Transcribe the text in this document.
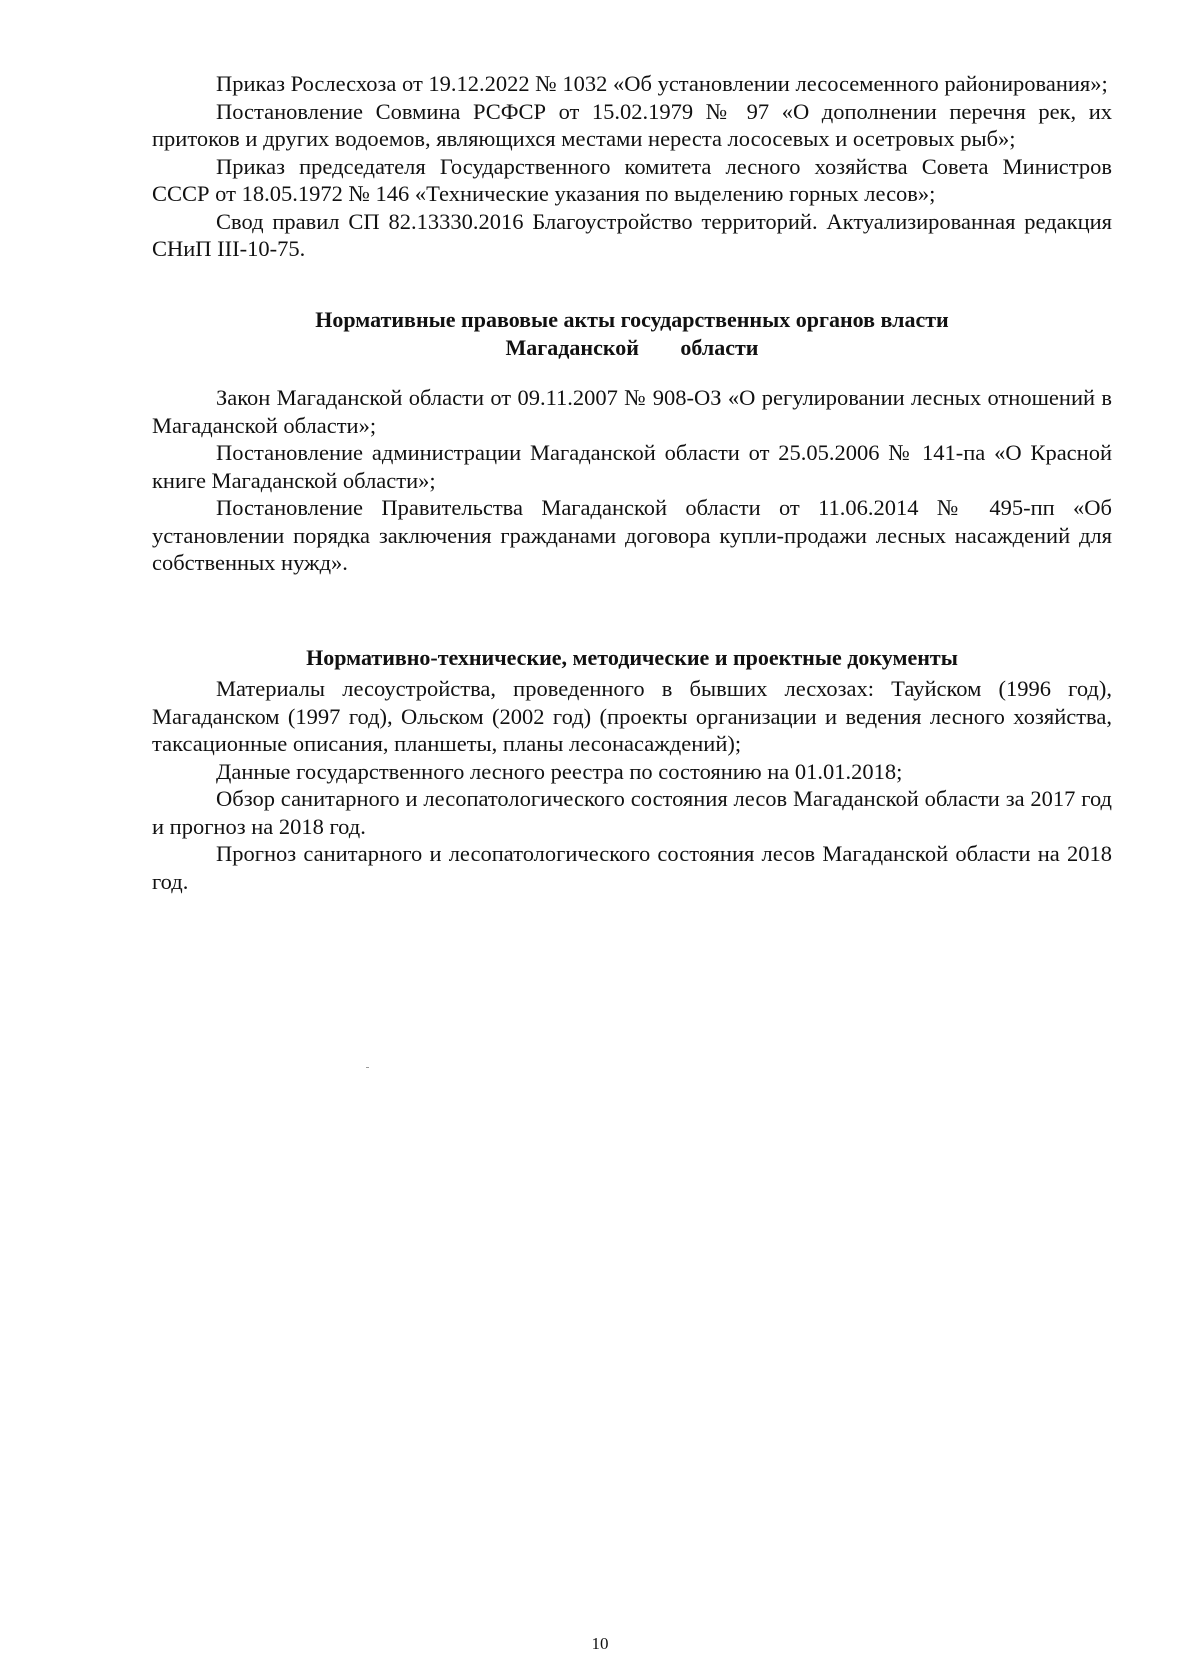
Приказ Рослесхоза от 19.12.2022 № 1032 «Об установлении лесосеменного районирования»;

Постановление Совмина РСФСР от 15.02.1979 № 97 «О дополнении перечня рек, их притоков и других водоемов, являющихся местами нереста лососевых и осетровых рыб»;

Приказ председателя Государственного комитета лесного хозяйства Совета Министров СССР от 18.05.1972 № 146 «Технические указания по выделению горных лесов»;

Свод правил СП 82.13330.2016 Благоустройство территорий. Актуализированная редакция СНиП III-10-75.

Нормативные правовые акты государственных органов власти
Магаданской области

Закон Магаданской области от 09.11.2007 № 908-ОЗ «О регулировании лесных отношений в Магаданской области»;

Постановление администрации Магаданской области от 25.05.2006 № 141-па «О Красной книге Магаданской области»;

Постановление Правительства Магаданской области от 11.06.2014 № 495-пп «Об установлении порядка заключения гражданами договора купли-продажи лесных насаждений для собственных нужд».

Нормативно-технические, методические и проектные документы

Материалы лесоустройства, проведенного в бывших лесхозах: Тауйском (1996 год), Магаданском (1997 год), Ольском (2002 год) (проекты организации и ведения лесного хозяйства, таксационные описания, планшеты, планы лесонасаждений);

Данные государственного лесного реестра по состоянию на 01.01.2018;

Обзор санитарного и лесопатологического состояния лесов Магаданской области за 2017 год и прогноз на 2018 год.

Прогноз санитарного и лесопатологического состояния лесов Магаданской области на 2018 год.

10
